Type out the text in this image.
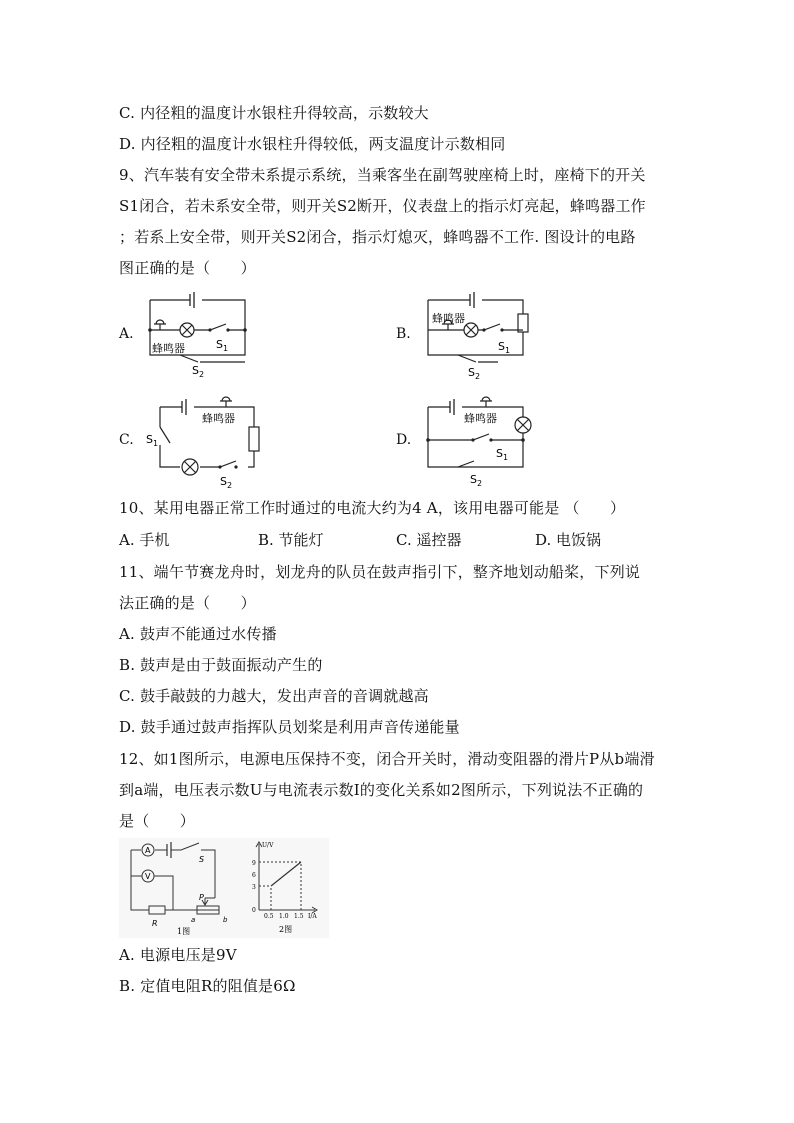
C. 内径粗的温度计水银柱升得较高，示数较大
D. 内径粗的温度计水银柱升得较低，两支温度计示数相同
9、汽车装有安全带未系提示系统，当乘客坐在副驾驶座椅上时，座椅下的开关
S1闭合，若未系安全带，则开关S2断开，仪表盘上的指示灯亮起，蜂鸣器工作
；若系上安全带，则开关S2闭合，指示灯熄灭，蜂鸣器不工作. 图设计的电路
图正确的是（　　）
A.
蜂鸣器	$S_1$
$S_2$
B.
蜂鸣器
$S_1$
$S_2$
C.
蜂鸣器
$S_1$
$S_2$
D.
蜂鸣器
$S_1$
$S_2$
10、某用电器正常工作时通过的电流大约为4 A，该用电器可能是 （　　）
A. 手机	B. 节能灯	C. 遥控器	D. 电饭锅
11、端午节赛龙舟时，划龙舟的队员在鼓声指引下，整齐地划动船桨，下列说
法正确的是（　　）
A. 鼓声不能通过水传播
B. 鼓声是由于鼓面振动产生的
C. 鼓手敲鼓的力越大，发出声音的音调就越高
D. 鼓手通过鼓声指挥队员划桨是利用声音传递能量
12、如1图所示，电源电压保持不变，闭合开关时，滑动变阻器的滑片P从b端滑
到a端，电压表示数U与电流表示数I的变化关系如2图所示，下列说法不正确的
是（　　）
A
V
S
P
a	b
R
1图
U/V
9
6
3
0
0.5 1.0 1.5 I/A
2图
A. 电源电压是9V
B. 定值电阻R的阻值是6Ω
